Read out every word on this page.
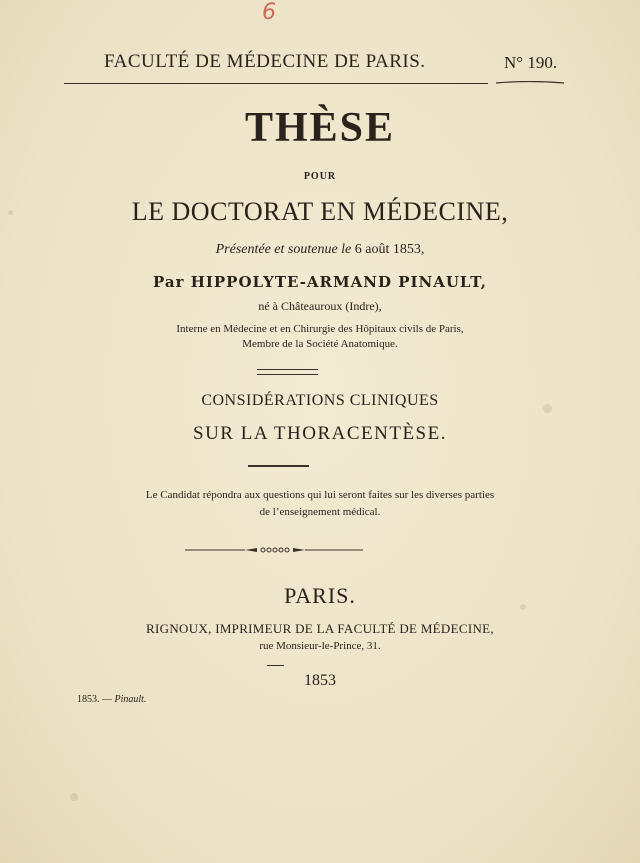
6
FACULTÉ DE MÉDECINE DE PARIS.	N° 190.
THÈSE
POUR
LE DOCTORAT EN MÉDECINE,
Présentée et soutenue le 6 août 1853,
Par HIPPOLYTE-ARMAND PINAULT,
né à Châteauroux (Indre),
Interne en Médecine et en Chirurgie des Hôpitaux civils de Paris,
Membre de la Société Anatomique.
CONSIDÉRATIONS CLINIQUES
SUR LA THORACENTÈSE.
Le Candidat répondra aux questions qui lui seront faites sur les diverses parties
de l’enseignement médical.
PARIS.
RIGNOUX, IMPRIMEUR DE LA FACULTÉ DE MÉDECINE,
rue Monsieur-le-Prince, 31.
1853
1853. — Pinault.
